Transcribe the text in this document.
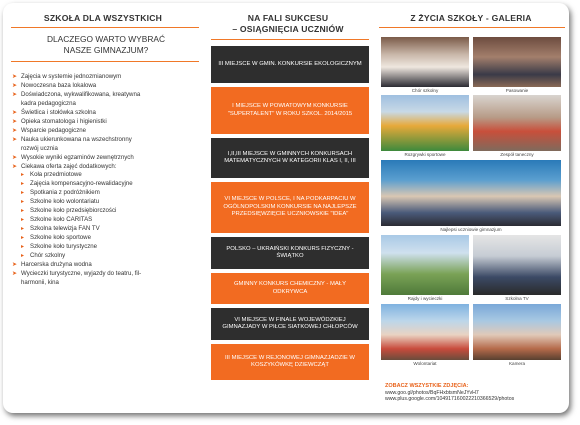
SZKOŁA DLA WSZYSTKICH
DLACZEGO WARTO WYBRAĆ
NASZE GIMNAZJUM?
➤ Zajęcia w systemie jednozmianowym
➤ Nowoczesna baza lokalowa
➤ Doświadczona, wykwalifikowana, kreatywna
kadra pedagogiczna
➤ Świetlica i stołówka szkolna
➤ Opieka stomatologa i higienistki
➤ Wsparcie pedagogiczne
➤ Nauka ukierunkowana na wszechstronny
rozwój ucznia
➤ Wysokie wyniki egzaminów zewnętrznych
➤ Ciekawa oferta zajęć dodatkowych:
▸ Koła przedmiotowe
▸ Zajęcia kompensacyjno-rewalidacyjne
▸ Spotkania z podróżnikiem
▸ Szkolne koło wolontariatu
▸ Szkolne koło przedsiębiorczości
▸ Szkolne koło CARITAS
▸ Szkolna telewizja FAN TV
▸ Szkolne koło sportowe
▸ Szkolne koło turystyczne
▸ Chór szkolny
➤ Harcerska drużyna wodna
➤ Wycieczki turystyczne, wyjazdy do teatru, fil-
harmonii, kina
NA FALI SUKCESU
– OSIĄGNIĘCIA UCZNIÓW
III MIEJSCE W GMIN. KONKURSIE EKOLOGICZNYM
I MIEJSCE W POWIATOWYM KONKURSIE "SUPERTALENT" W ROKU SZKOL. 2014/2015
I,II,III MIEJSCE W GMINNYCH KONKURSACH MATEMATYCZNYCH W KATEGORII KLAS I, II, III
VI MIEJSCE W POLSCE, I NA PODKARPACIU W OGÓLNOPOLSKIM KONKURSIE NA NAJLEPSZE PRZEDSIĘWZIĘCIE UCZNIOWSKIE "IDEA"
POLSKO – UKRAIŃSKI KONKURS FIZYCZNY - ŚWIĄTKO
GMINNY KONKURS CHEMICZNY - MAŁY ODKRYWCA
VI MIEJSCE W FINALE WOJEWÓDZKIEJ GIMNAZJADY W PIŁCE SIATKOWEJ CHŁOPCÓW
III MIEJSCE W REJONOWEJ GIMNAZJADZIE W KOSZYKÓWKĘ DZIEWCZĄT
Z ŻYCIA SZKOŁY - GALERIA
Chór szkolny	Pasowanie
Rozgrywki sportowe	Zespół taneczny
Najlepsi uczniowie gimnazjum
Rajdy i wycieczki	Szkolna TV
Wolontariat	Kamera
ZOBACZ WSZYSTKIE ZDJĘCIA:
www.goo.gl/photos/BqFHxbtsmNeJYvH7
www.plus.google.com/104917160022210366529/photos
